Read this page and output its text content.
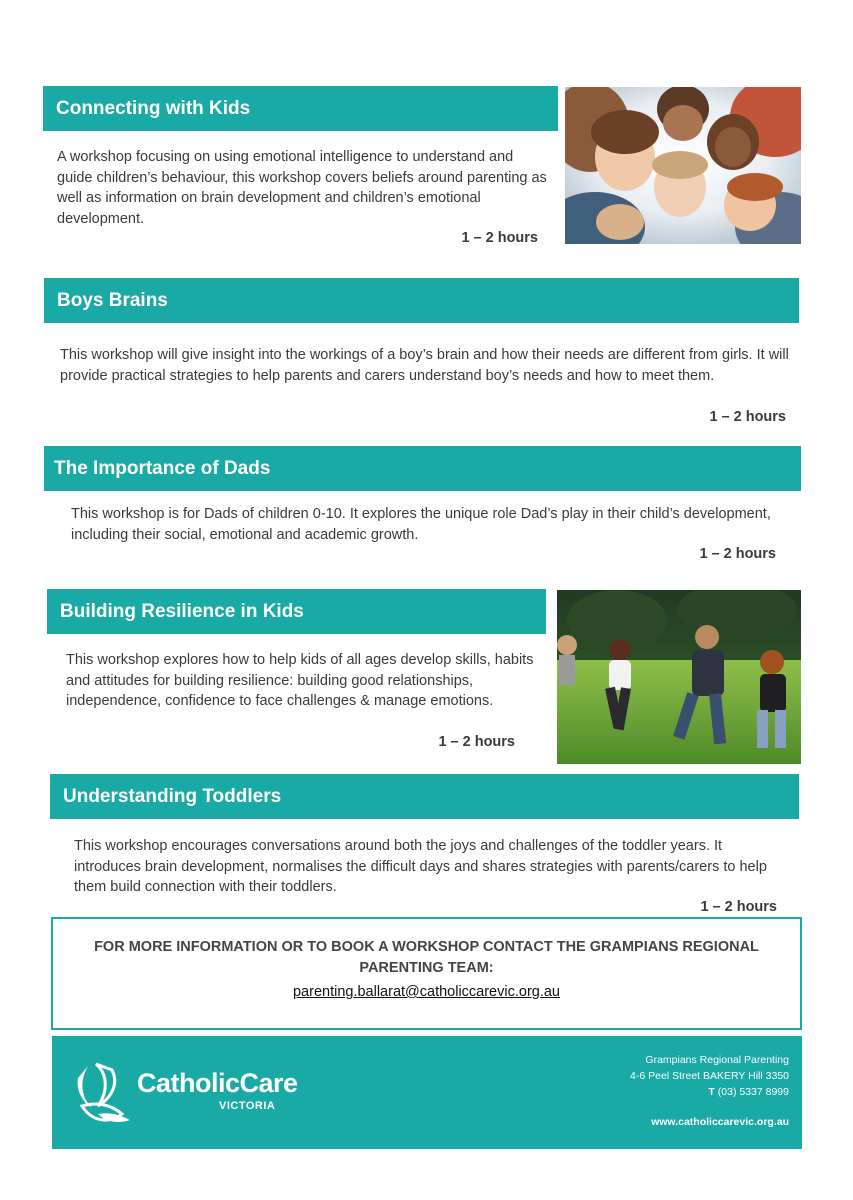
Connecting with Kids
A workshop focusing on using emotional intelligence to understand and guide children’s behaviour, this workshop covers beliefs around parenting as well as information on brain development and children’s emotional development.
1 – 2 hours
Boys Brains
This workshop will give insight into the workings of a boy’s brain and how their needs are different from girls. It will provide practical strategies to help parents and carers understand boy’s needs and how to meet them.
1 – 2 hours
The Importance of Dads
This workshop is for Dads of children 0-10. It explores the unique role Dad’s play in their child’s development, including their social, emotional and academic growth.
1 – 2 hours
Building Resilience in Kids
This workshop explores how to help kids of all ages develop skills, habits and attitudes for building resilience: building good relationships, independence, confidence to face challenges & manage emotions.
1 – 2 hours
Understanding Toddlers
This workshop encourages conversations around both the joys and challenges of the toddler years. It introduces brain development, normalises the difficult days and shares strategies with parents/carers to help them build connection with their toddlers.
1 – 2 hours
FOR MORE INFORMATION OR TO BOOK A WORKSHOP CONTACT THE GRAMPIANS REGIONAL PARENTING TEAM:
parenting.ballarat@catholiccarevic.org.au
CatholicCare
VICTORIA
Grampians Regional Parenting
4-6 Peel Street BAKERY Hill 3350
T (03) 5337 8999
www.catholiccarevic.org.au
